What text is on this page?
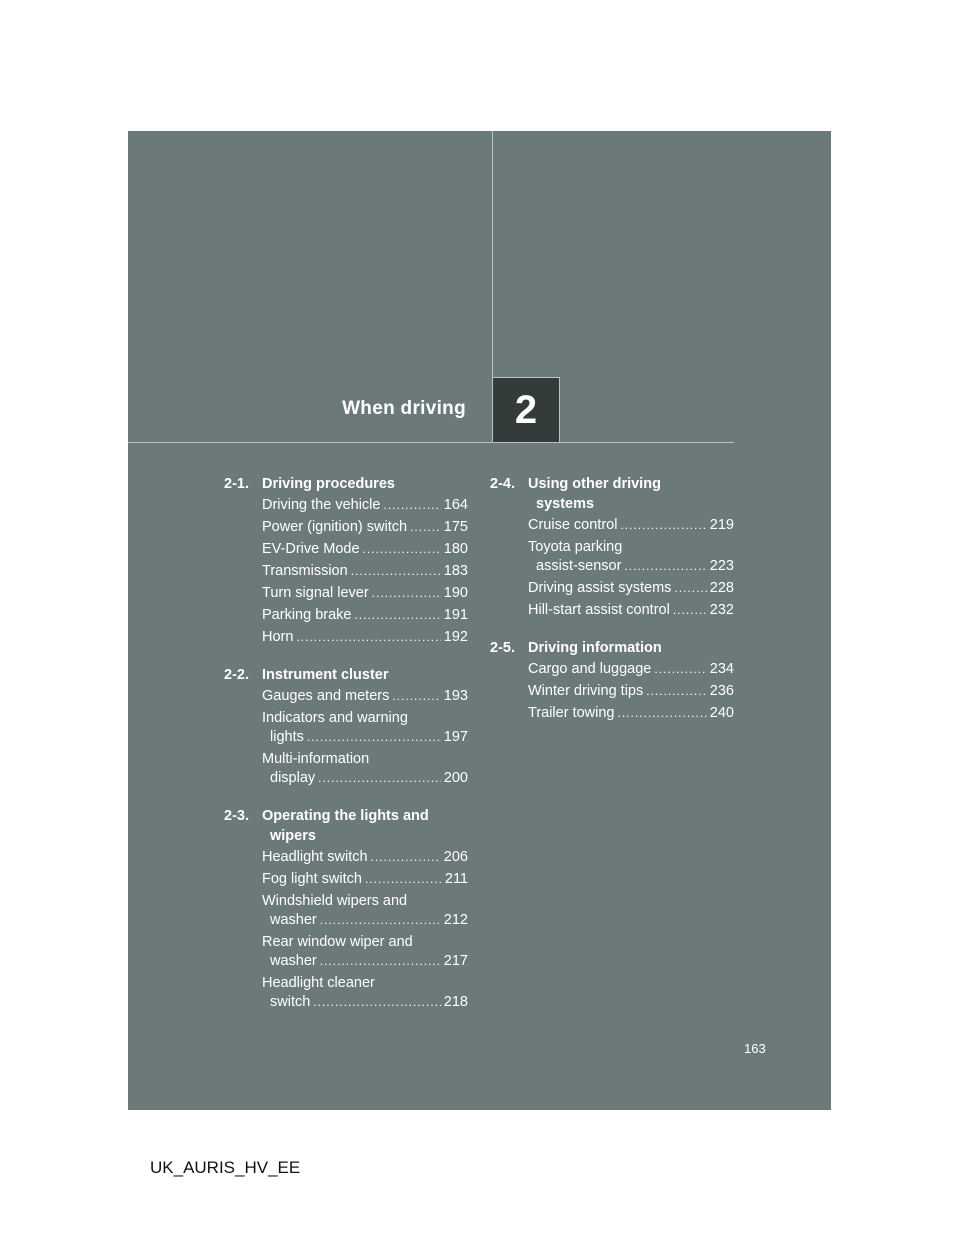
When driving 2
2-1. Driving procedures
Driving the vehicle .....	164
Power (ignition) switch .....	175
EV-Drive Mode .....	180
Transmission .....	183
Turn signal lever .....	190
Parking brake .....	191
Horn .....	192
2-2. Instrument cluster
Gauges and meters .....	193
Indicators and warning
lights .....	197
Multi-information
display .....	200
2-3. Operating the lights and

wipers
Headlight switch .....	206
Fog light switch .....	211
Windshield wipers and
washer .....	212
Rear window wiper and
washer .....	217
Headlight cleaner
switch .....	218
2-4. Using other driving

systems
Cruise control .....	219
Toyota parking
assist-sensor .....	223
Driving assist systems .....	228
Hill-start assist control .....	232
2-5. Driving information
Cargo and luggage .....	234
Winter driving tips .....	236
Trailer towing .....	240
163
UK_AURIS_HV_EE
